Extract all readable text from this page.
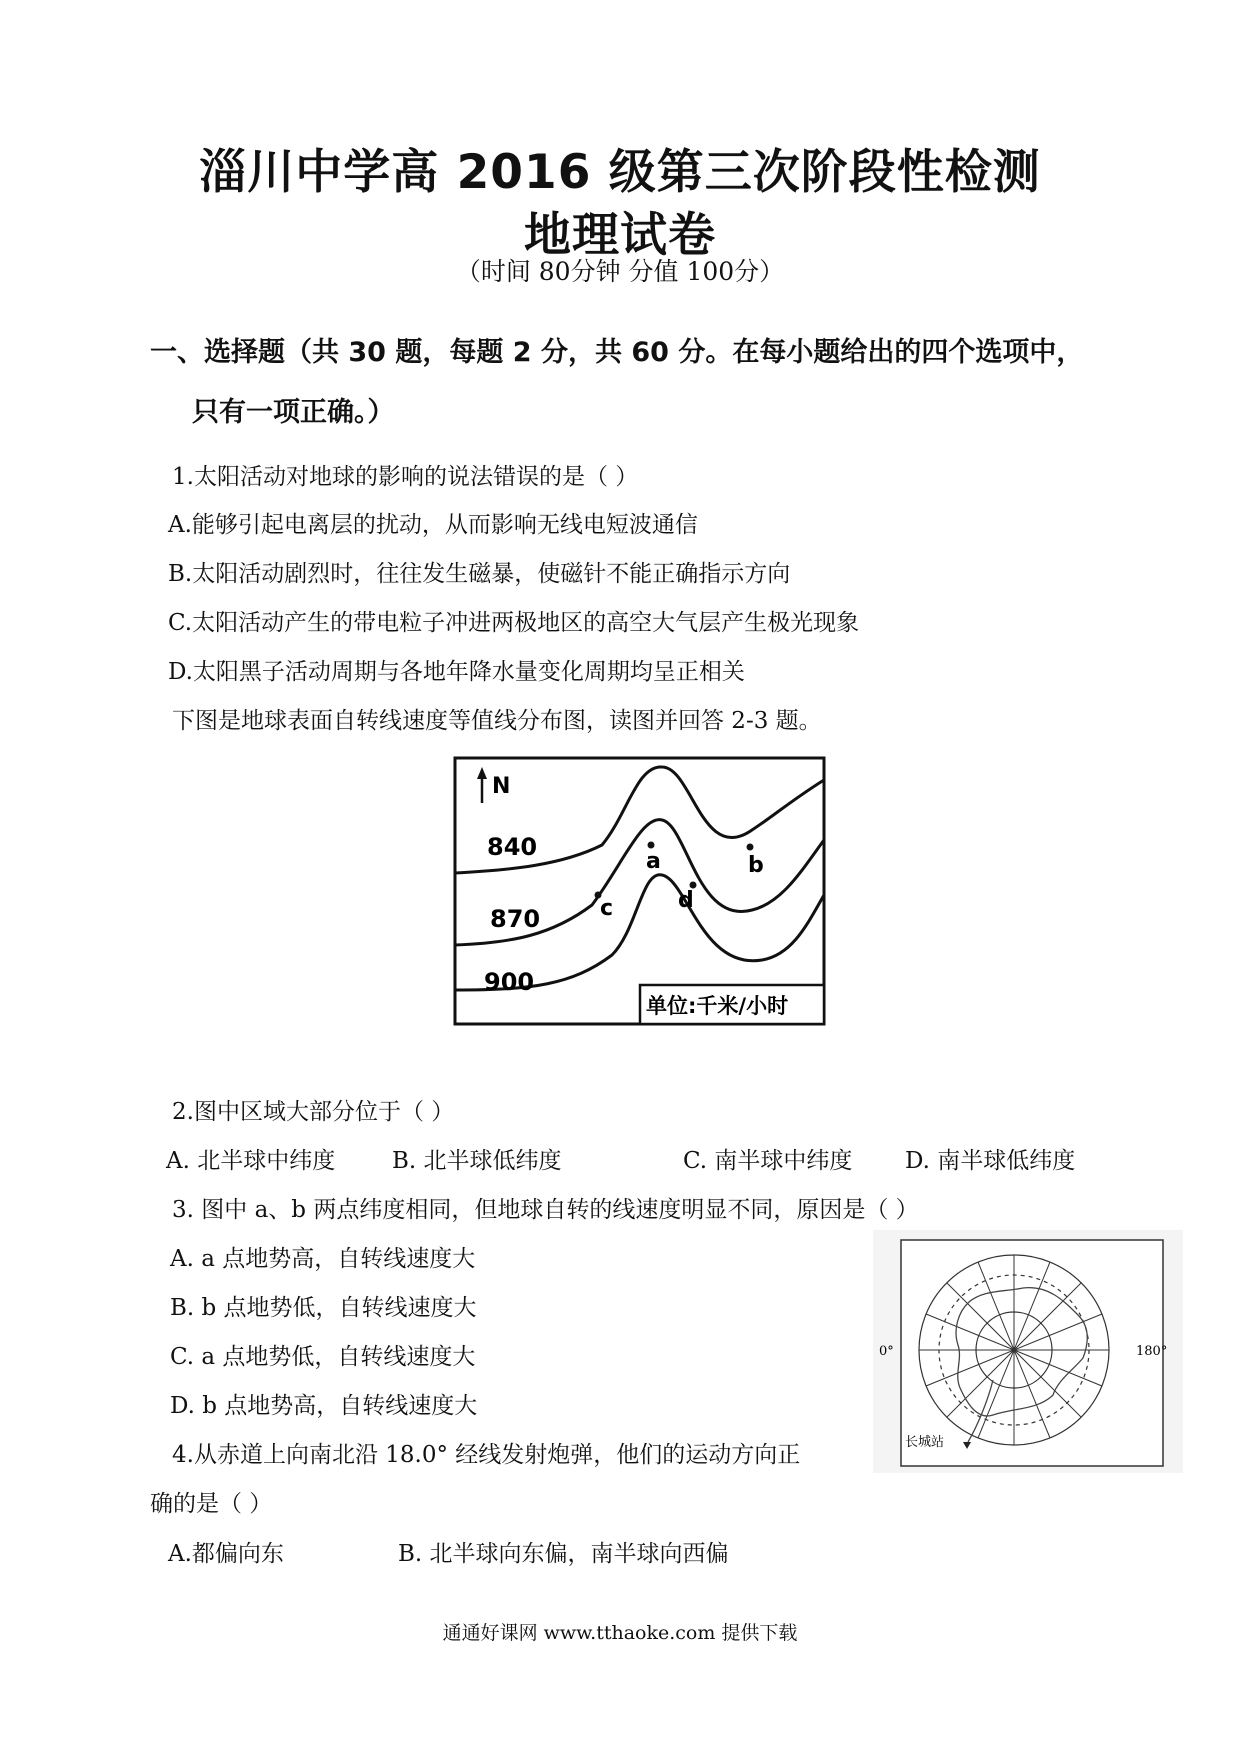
淄川中学高 2016 级第三次阶段性检测
地理试卷
（时间 80分钟 分值 100分）
一、选择题（共 30 题，每题 2 分，共 60 分。在每小题给出的四个选项中，
只有一项正确。）
1.太阳活动对地球的影响的说法错误的是（ ）
A.能够引起电离层的扰动，从而影响无线电短波通信
B.太阳活动剧烈时，往往发生磁暴，使磁针不能正确指示方向
C.太阳活动产生的带电粒子冲进两极地区的高空大气层产生极光现象
D.太阳黑子活动周期与各地年降水量变化周期均呈正相关
下图是地球表面自转线速度等值线分布图，读图并回答 2-3 题。
N
840
870
900
a	b
c	d
单位:千米/小时
2.图中区域大部分位于（ ）
A. 北半球中纬度 B. 北半球低纬度	C. 南半球中纬度 D. 南半球低纬度
3. 图中 a、b 两点纬度相同，但地球自转的线速度明显不同，原因是（ ）
A. a 点地势高，自转线速度大
B. b 点地势低，自转线速度大
C. a 点地势低，自转线速度大
D. b 点地势高，自转线速度大
0°	180°
长城站
4.从赤道上向南北沿 18.0° 经线发射炮弹，他们的运动方向正
确的是（ ）
A.都偏向东	B. 北半球向东偏，南半球向西偏
通通好课网 www.tthaoke.com 提供下载
